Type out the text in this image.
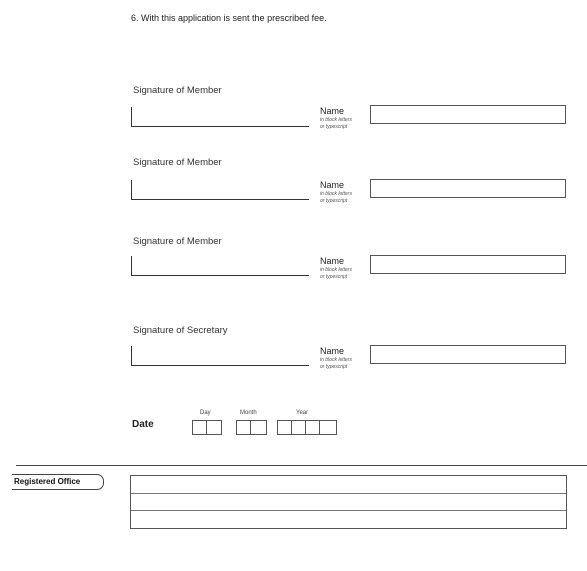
6. With this application is sent the prescribed fee.
Signature of Member
Name
in block letters
or typescript
Signature of Member
Name
in block letters
or typescript
Signature of Member
Name
in block letters
or typescript
Signature of Secretary
Name
in block letters
or typescript
Date
Day	Month	Year
Registered Office
